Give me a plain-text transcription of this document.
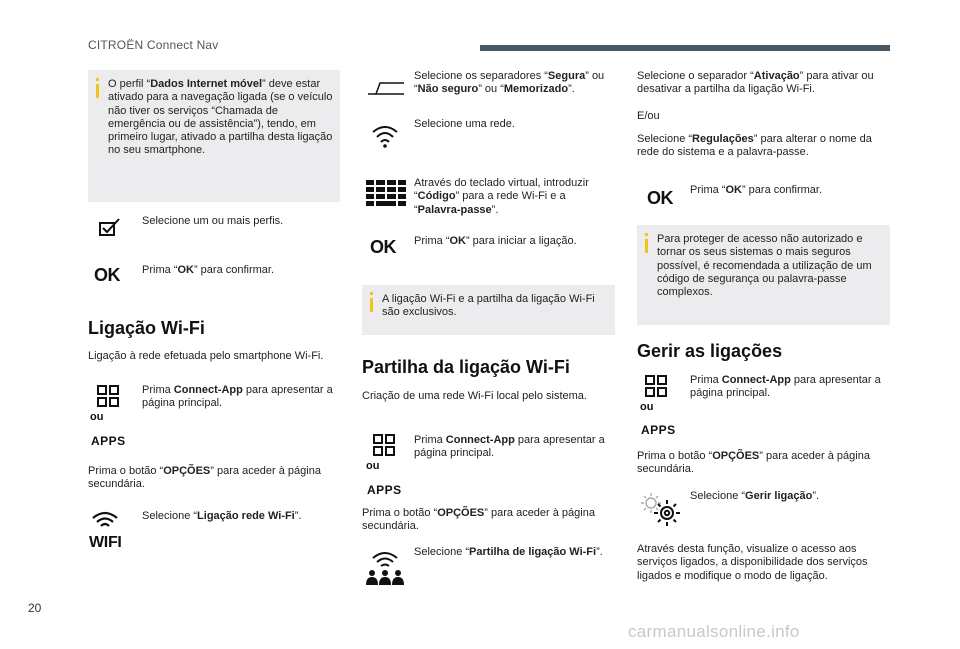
CITROËN Connect Nav
O perfil “Dados Internet móvel” deve estar ativado para a navegação ligada (se o veículo não tiver os serviços “Chamada de emergência ou de assistência”), tendo, em primeiro lugar, ativado a partilha desta ligação no seu smartphone.
Selecione um ou mais perfis.
OK Prima “OK” para confirmar.
Ligação Wi-Fi
Ligação à rede efetuada pelo smartphone Wi-Fi.
ou
APPS
Prima Connect-App para apresentar a página principal.
Prima o botão “OPÇÕES” para aceder à página secundária.
WIFI
Selecione “Ligação rede Wi-Fi”.
Selecione os separadores “Segura” ou “Não seguro” ou “Memorizado”.
Selecione uma rede.
Através do teclado virtual, introduzir “Código” para a rede Wi-Fi e a “Palavra-passe”.
OK Prima “OK” para iniciar a ligação.
A ligação Wi-Fi e a partilha da ligação Wi-Fi são exclusivos.
Partilha da ligação Wi-Fi
Criação de uma rede Wi-Fi local pelo sistema.
ou
APPS
Prima Connect-App para apresentar a página principal.
Prima o botão “OPÇÕES” para aceder à página secundária.
Selecione “Partilha de ligação Wi-Fi”.
Selecione o separador “Ativação” para ativar ou desativar a partilha da ligação Wi-Fi.
E/ou
Selecione “Regulações” para alterar o nome da rede do sistema e a palavra-passe.
OK Prima “OK” para confirmar.
Para proteger de acesso não autorizado e tornar os seus sistemas o mais seguros possível, é recomendada a utilização de um código de segurança ou palavra-passe complexos.
Gerir as ligações
ou
APPS
Prima Connect-App para apresentar a página principal.
Prima o botão “OPÇÕES” para aceder à página secundária.
Selecione “Gerir ligação”.
Através desta função, visualize o acesso aos serviços ligados, a disponibilidade dos serviços ligados e modifique o modo de ligação.
20
carmanualsonline.info
